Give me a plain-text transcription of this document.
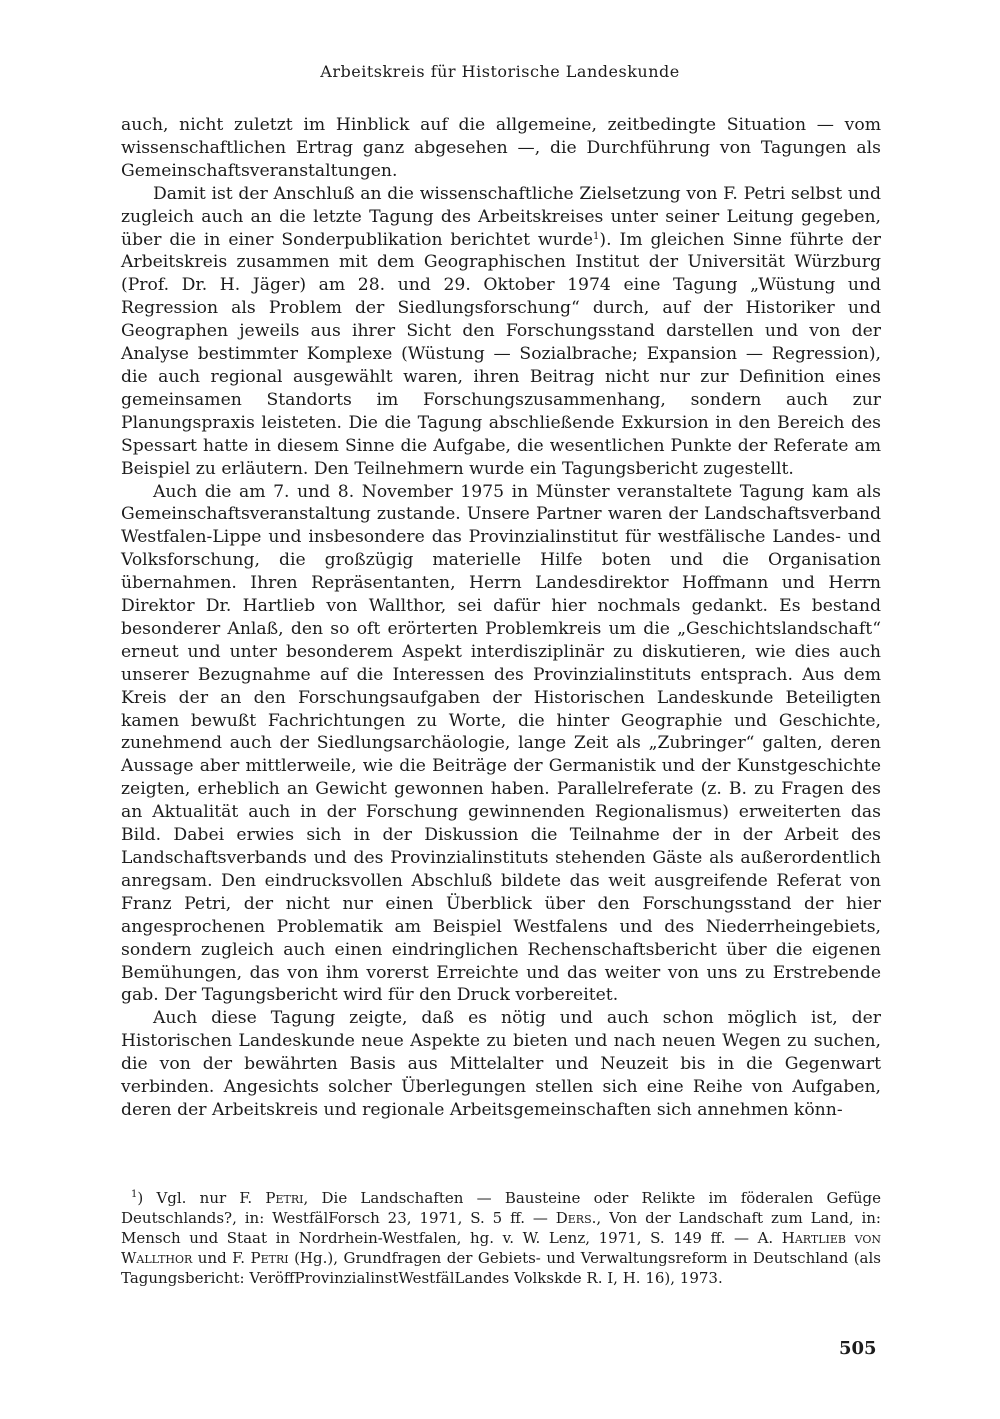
Arbeitskreis für Historische Landeskunde

auch, nicht zuletzt im Hinblick auf die allgemeine, zeitbedingte Situation — vom wissenschaftlichen Ertrag ganz abgesehen —, die Durchführung von Tagungen als Gemeinschaftsveranstaltungen.

Damit ist der Anschluß an die wissenschaftliche Zielsetzung von F. Petri selbst und zugleich auch an die letzte Tagung des Arbeitskreises unter seiner Leitung gegeben, über die in einer Sonderpublikation berichtet wurde$^1$). Im gleichen Sinne führte der Arbeitskreis zusammen mit dem Geographischen Institut der Universität Würzburg (Prof. Dr. H. Jäger) am 28. und 29. Oktober 1974 eine Tagung „Wüstung und Regression als Problem der Siedlungsforschung“ durch, auf der Historiker und Geographen jeweils aus ihrer Sicht den Forschungsstand darstellen und von der Analyse bestimmter Komplexe (Wüstung — Sozialbrache; Expansion — Regression), die auch regional ausgewählt waren, ihren Beitrag nicht nur zur Definition eines gemeinsamen Standorts im Forschungszusammenhang, sondern auch zur Planungspraxis leisteten. Die die Tagung abschließende Exkursion in den Bereich des Spessart hatte in diesem Sinne die Aufgabe, die wesentlichen Punkte der Referate am Beispiel zu erläutern. Den Teilnehmern wurde ein Tagungsbericht zugestellt.

Auch die am 7. und 8. November 1975 in Münster veranstaltete Tagung kam als Gemeinschaftsveranstaltung zustande. Unsere Partner waren der Landschaftsverband Westfalen-Lippe und insbesondere das Provinzialinstitut für westfälische Landes- und Volksforschung, die großzügig materielle Hilfe boten und die Organisation übernahmen. Ihren Repräsentanten, Herrn Landesdirektor Hoffmann und Herrn Direktor Dr. Hartlieb von Wallthor, sei dafür hier nochmals gedankt. Es bestand besonderer Anlaß, den so oft erörterten Problemkreis um die „Geschichtslandschaft“ erneut und unter besonderem Aspekt interdisziplinär zu diskutieren, wie dies auch unserer Bezugnahme auf die Interessen des Provinzialinstituts entsprach. Aus dem Kreis der an den Forschungsaufgaben der Historischen Landeskunde Beteiligten kamen bewußt Fachrichtungen zu Worte, die hinter Geographie und Geschichte, zunehmend auch der Siedlungsarchäologie, lange Zeit als „Zubringer“ galten, deren Aussage aber mittlerweile, wie die Beiträge der Germanistik und der Kunstgeschichte zeigten, erheblich an Gewicht gewonnen haben. Parallelreferate (z. B. zu Fragen des an Aktualität auch in der Forschung gewinnenden Regionalismus) erweiterten das Bild. Dabei erwies sich in der Diskussion die Teilnahme der in der Arbeit des Landschaftsverbands und des Provinzialinstituts stehenden Gäste als außerordentlich anregsam. Den eindrucksvollen Abschluß bildete das weit ausgreifende Referat von Franz Petri, der nicht nur einen Überblick über den Forschungsstand der hier angesprochenen Problematik am Beispiel Westfalens und des Niederrheingebiets, sondern zugleich auch einen eindringlichen Rechenschaftsbericht über die eigenen Bemühungen, das von ihm vorerst Erreichte und das weiter von uns zu Erstrebende gab. Der Tagungsbericht wird für den Druck vorbereitet.

Auch diese Tagung zeigte, daß es nötig und auch schon möglich ist, der Historischen Landeskunde neue Aspekte zu bieten und nach neuen Wegen zu suchen, die von der bewährten Basis aus Mittelalter und Neuzeit bis in die Gegenwart verbinden. Angesichts solcher Überlegungen stellen sich eine Reihe von Aufgaben, deren der Arbeitskreis und regionale Arbeitsgemeinschaften sich annehmen könn-

$^1$) Vgl. nur F. Petri, Die Landschaften — Bausteine oder Relikte im föderalen Gefüge Deutschlands?, in: WestfälForsch 23, 1971, S. 5 ff. — Ders., Von der Landschaft zum Land, in: Mensch und Staat in Nordrhein-Westfalen, hg. v. W. Lenz, 1971, S. 149 ff. — A. Hartlieb von Wallthor und F. Petri (Hg.), Grundfragen der Gebiets- und Verwaltungsreform in Deutschland (als Tagungsbericht: VeröffProvinzialinstWestfälLandes Volkskde R. I, H. 16), 1973.

505
